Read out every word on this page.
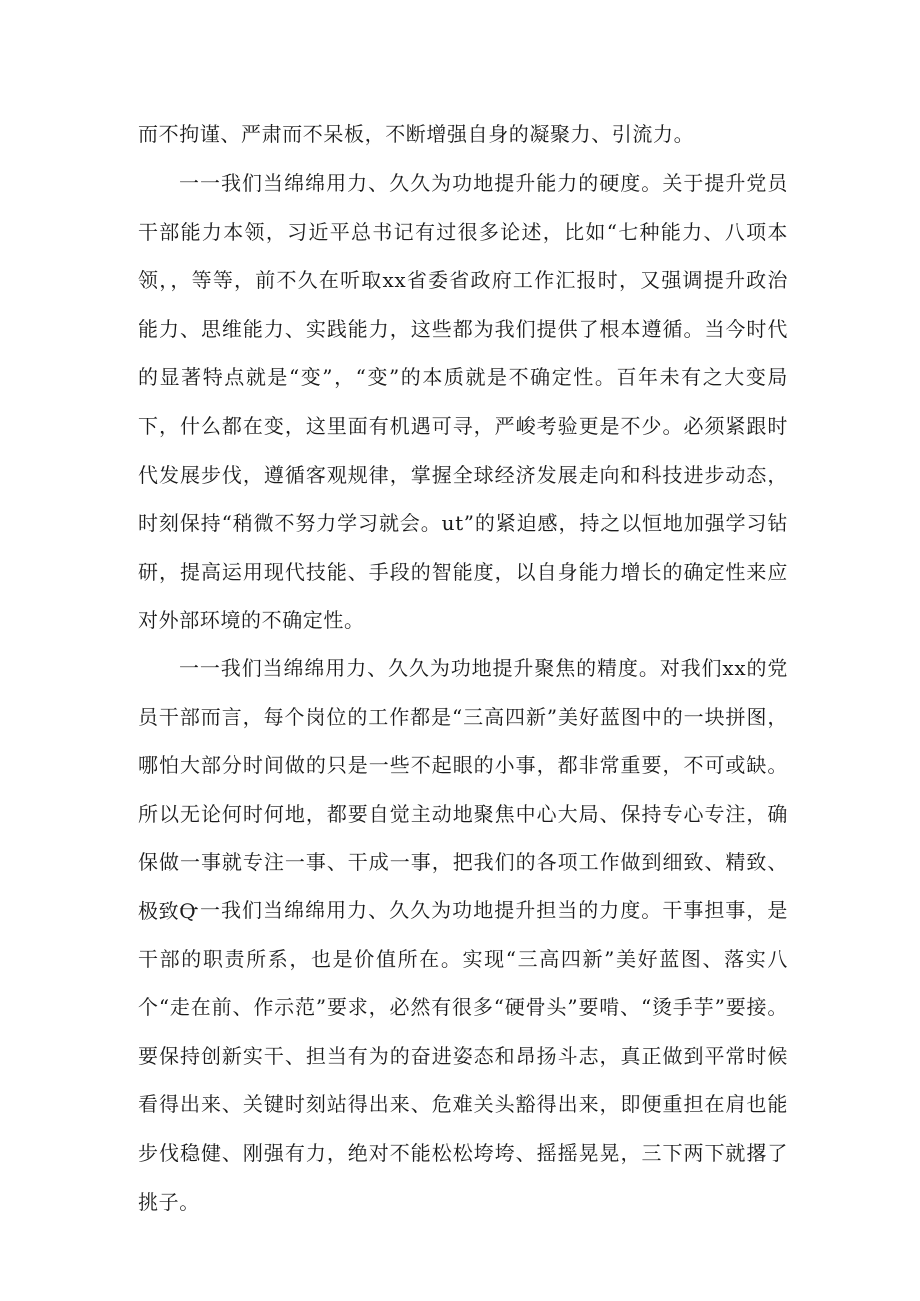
而不拘谨、严肃而不呆板，不断增强自身的凝聚力、引流力。

一一我们当绵绵用力、久久为功地提升能力的硬度。关于提升党员干部能力本领，习近平总书记有过很多论述，比如“七种能力、八项本领，，等等，前不久在听取xx省委省政府工作汇报时，又强调提升政治能力、思维能力、实践能力，这些都为我们提供了根本遵循。当今时代的显著特点就是“变”，“变”的本质就是不确定性。百年未有之大变局下，什么都在变，这里面有机遇可寻，严峻考验更是不少。必须紧跟时代发展步伐，遵循客观规律，掌握全球经济发展走向和科技进步动态，时刻保持“稍微不努力学习就会。ut”的紧迫感，持之以恒地加强学习钻研，提高运用现代技能、手段的智能度，以自身能力增长的确定性来应对外部环境的不确定性。

一一我们当绵绵用力、久久为功地提升聚焦的精度。对我们xx的党员干部而言，每个岗位的工作都是“三高四新”美好蓝图中的一块拼图，哪怕大部分时间做的只是一些不起眼的小事，都非常重要，不可或缺。所以无论何时何地，都要自觉主动地聚焦中心大局、保持专心专注，确保做一事就专注一事、干成一事，把我们的各项工作做到细致、精致、极致Q

一一我们当绵绵用力、久久为功地提升担当的力度。干事担事，是干部的职责所系，也是价值所在。实现“三高四新”美好蓝图、落实八个“走在前、作示范”要求，必然有很多“硬骨头”要啃、“烫手芋”要接。要保持创新实干、担当有为的奋进姿态和昂扬斗志，真正做到平常时候看得出来、关键时刻站得出来、危难关头豁得出来，即便重担在肩也能步伐稳健、刚强有力，绝对不能松松垮垮、摇摇晃晃，三下两下就撂了挑子。
